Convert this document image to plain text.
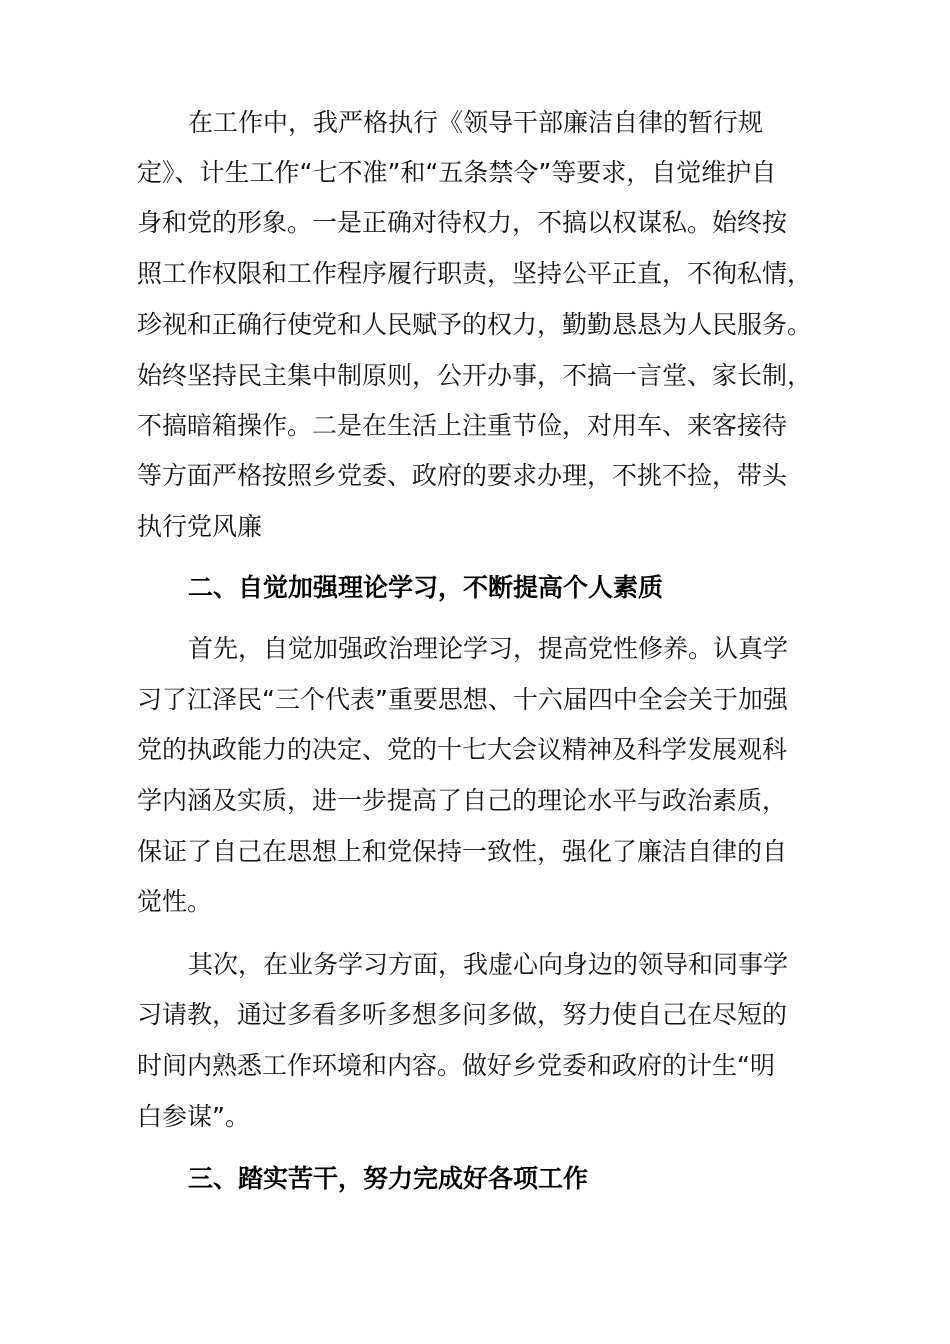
在工作中，我严格执行《领导干部廉洁自律的暂行规
定》、计生工作“七不准”和“五条禁令”等要求，自觉维护自
身和党的形象。一是正确对待权力，不搞以权谋私。始终按
照工作权限和工作程序履行职责，坚持公平正直，不徇私情，
珍视和正确行使党和人民赋予的权力，勤勤恳恳为人民服务。
始终坚持民主集中制原则，公开办事，不搞一言堂、家长制，
不搞暗箱操作。二是在生活上注重节俭，对用车、来客接待
等方面严格按照乡党委、政府的要求办理，不挑不捡，带头
执行党风廉
二、自觉加强理论学习，不断提高个人素质
首先，自觉加强政治理论学习，提高党性修养。认真学
习了江泽民“三个代表”重要思想、十六届四中全会关于加强
党的执政能力的决定、党的十七大会议精神及科学发展观科
学内涵及实质，进一步提高了自己的理论水平与政治素质，
保证了自己在思想上和党保持一致性，强化了廉洁自律的自
觉性。
其次，在业务学习方面，我虚心向身边的领导和同事学
习请教，通过多看多听多想多问多做，努力使自己在尽短的
时间内熟悉工作环境和内容。做好乡党委和政府的计生“明
白参谋”。
三、踏实苦干，努力完成好各项工作
